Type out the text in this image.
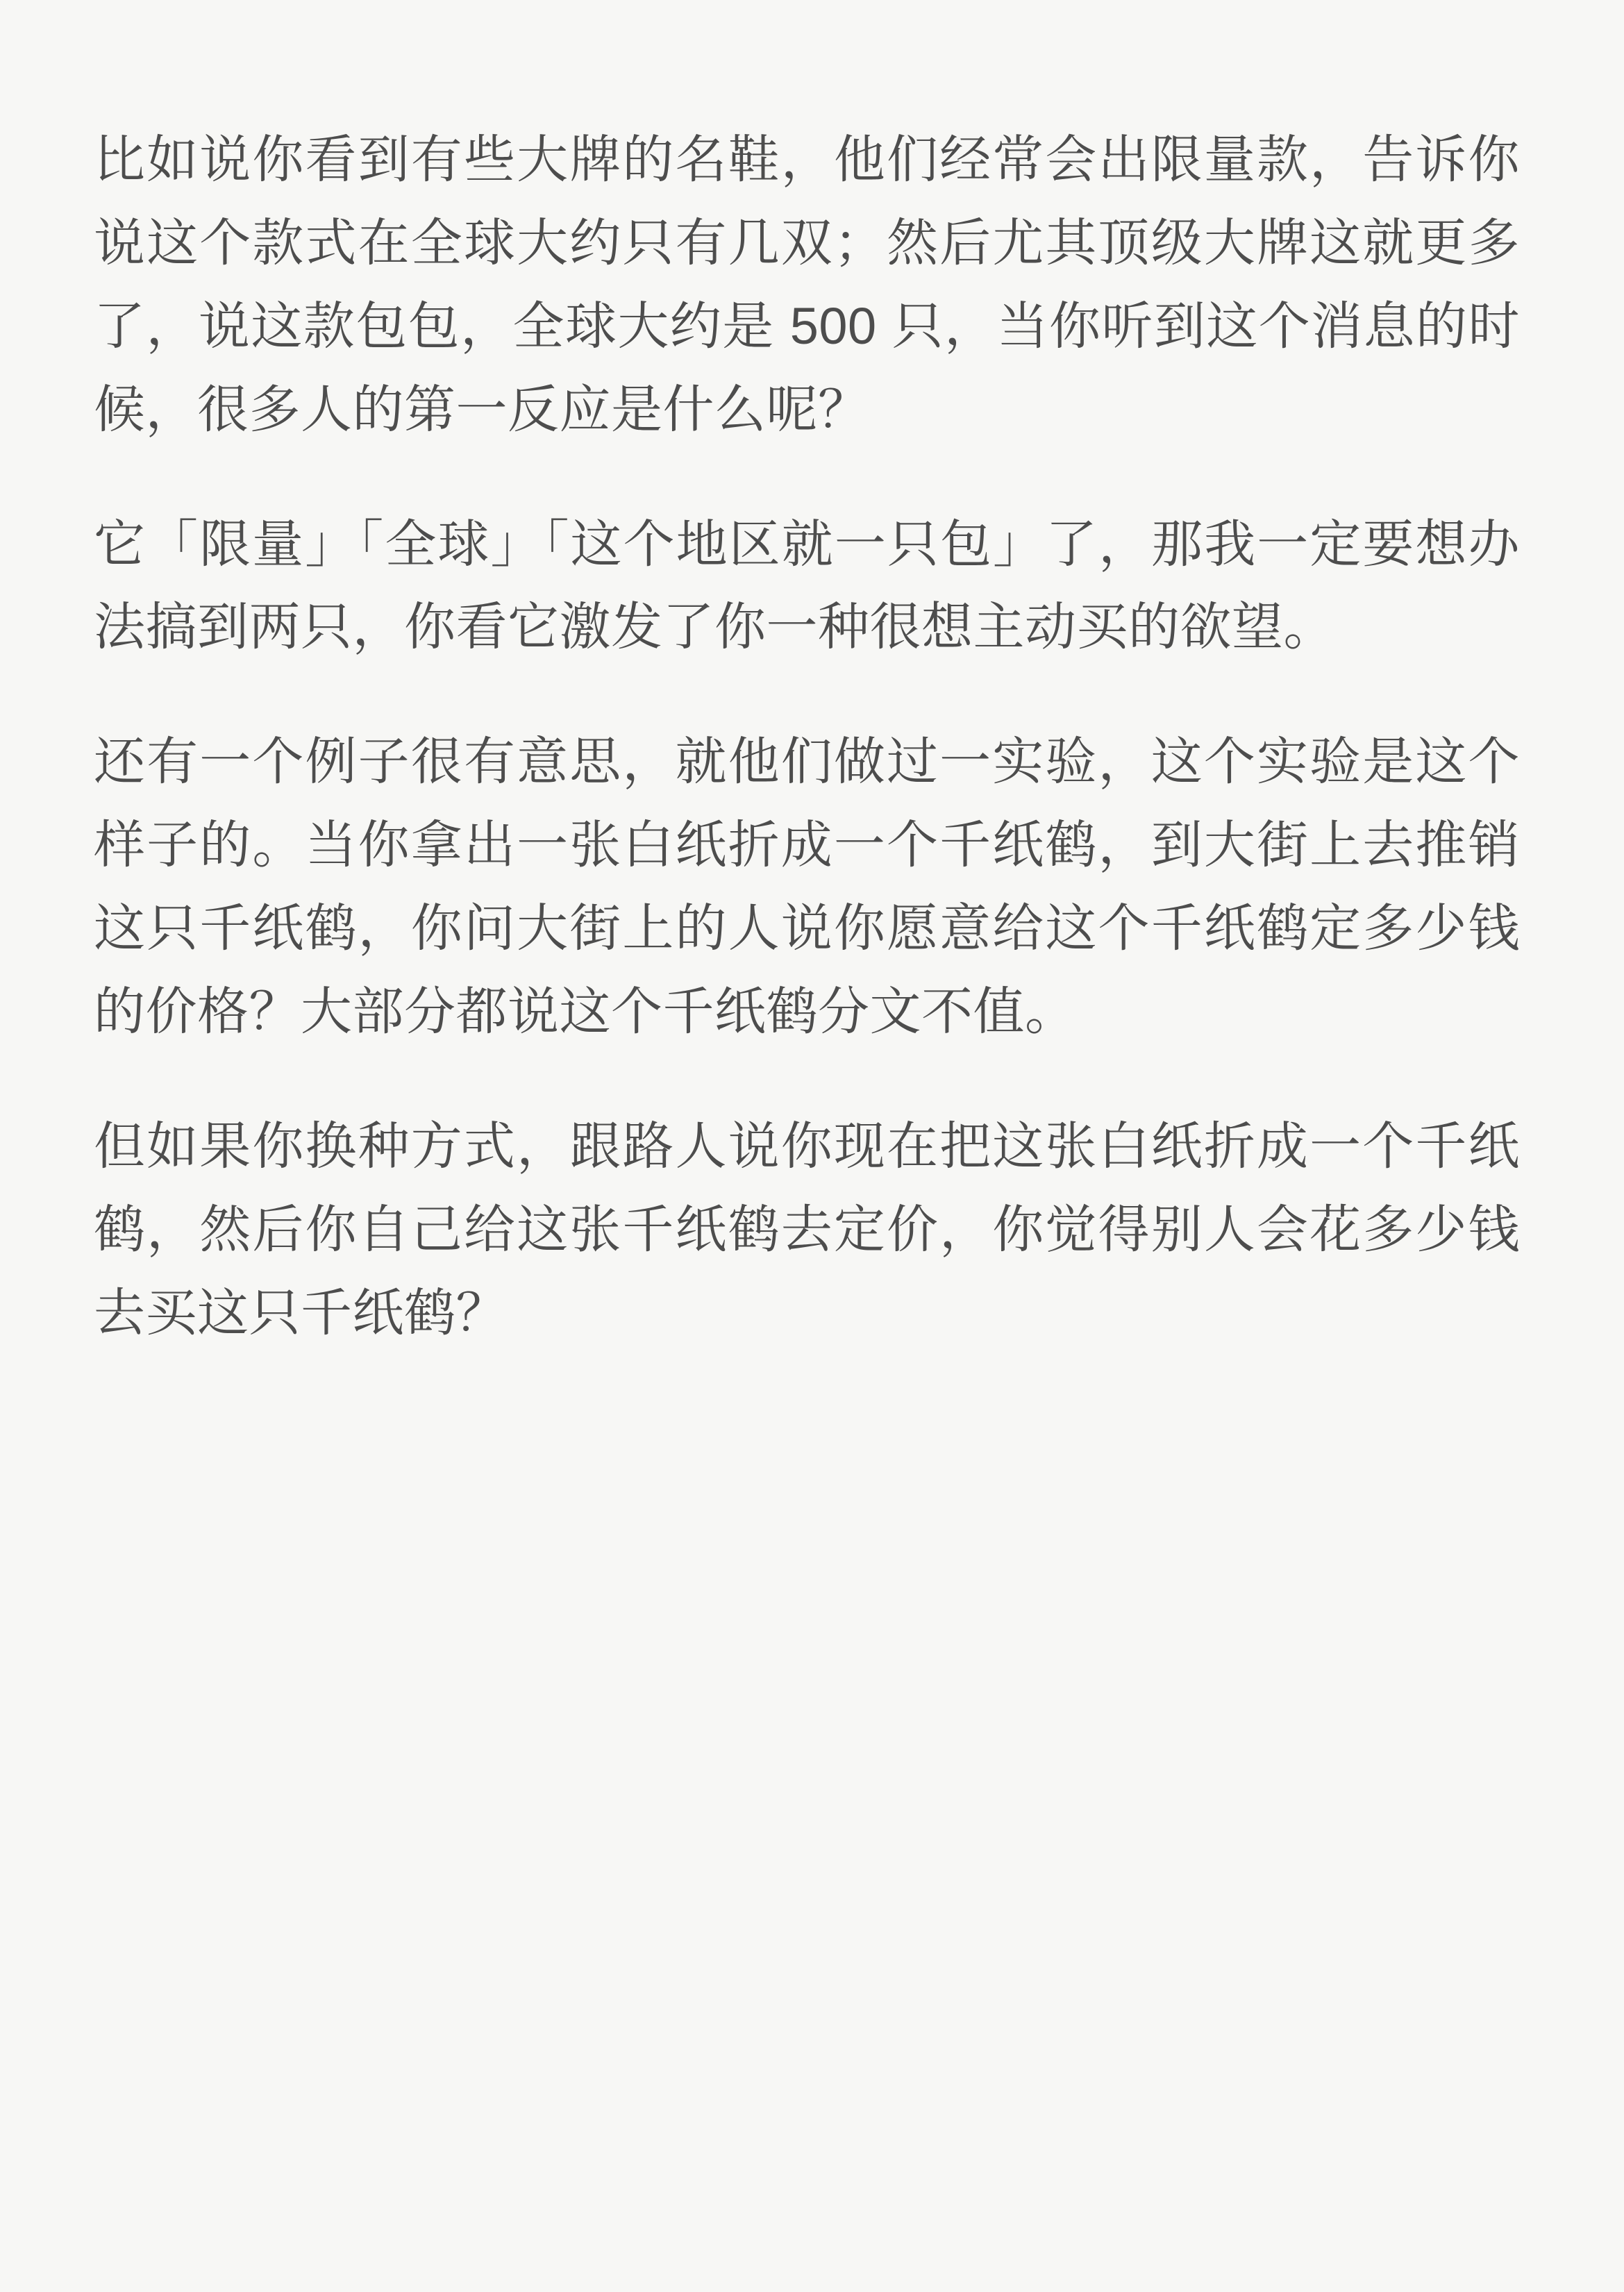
比如说你看到有些大牌的名鞋，他们经常会出限量款，告诉你说这个款式在全球大约只有几双；然后尤其顶级大牌这就更多了，说这款包包，全球大约是 500 只，当你听到这个消息的时候，很多人的第一反应是什么呢？

它「限量」「全球」「这个地区就一只包」了，那我一定要想办法搞到两只，你看它激发了你一种很想主动买的欲望。

还有一个例子很有意思，就他们做过一实验，这个实验是这个样子的。当你拿出一张白纸折成一个千纸鹤，到大街上去推销这只千纸鹤，你问大街上的人说你愿意给这个千纸鹤定多少钱的价格？大部分都说这个千纸鹤分文不值。

但如果你换种方式，跟路人说你现在把这张白纸折成一个千纸鹤，然后你自己给这张千纸鹤去定价，你觉得别人会花多少钱去买这只千纸鹤？
